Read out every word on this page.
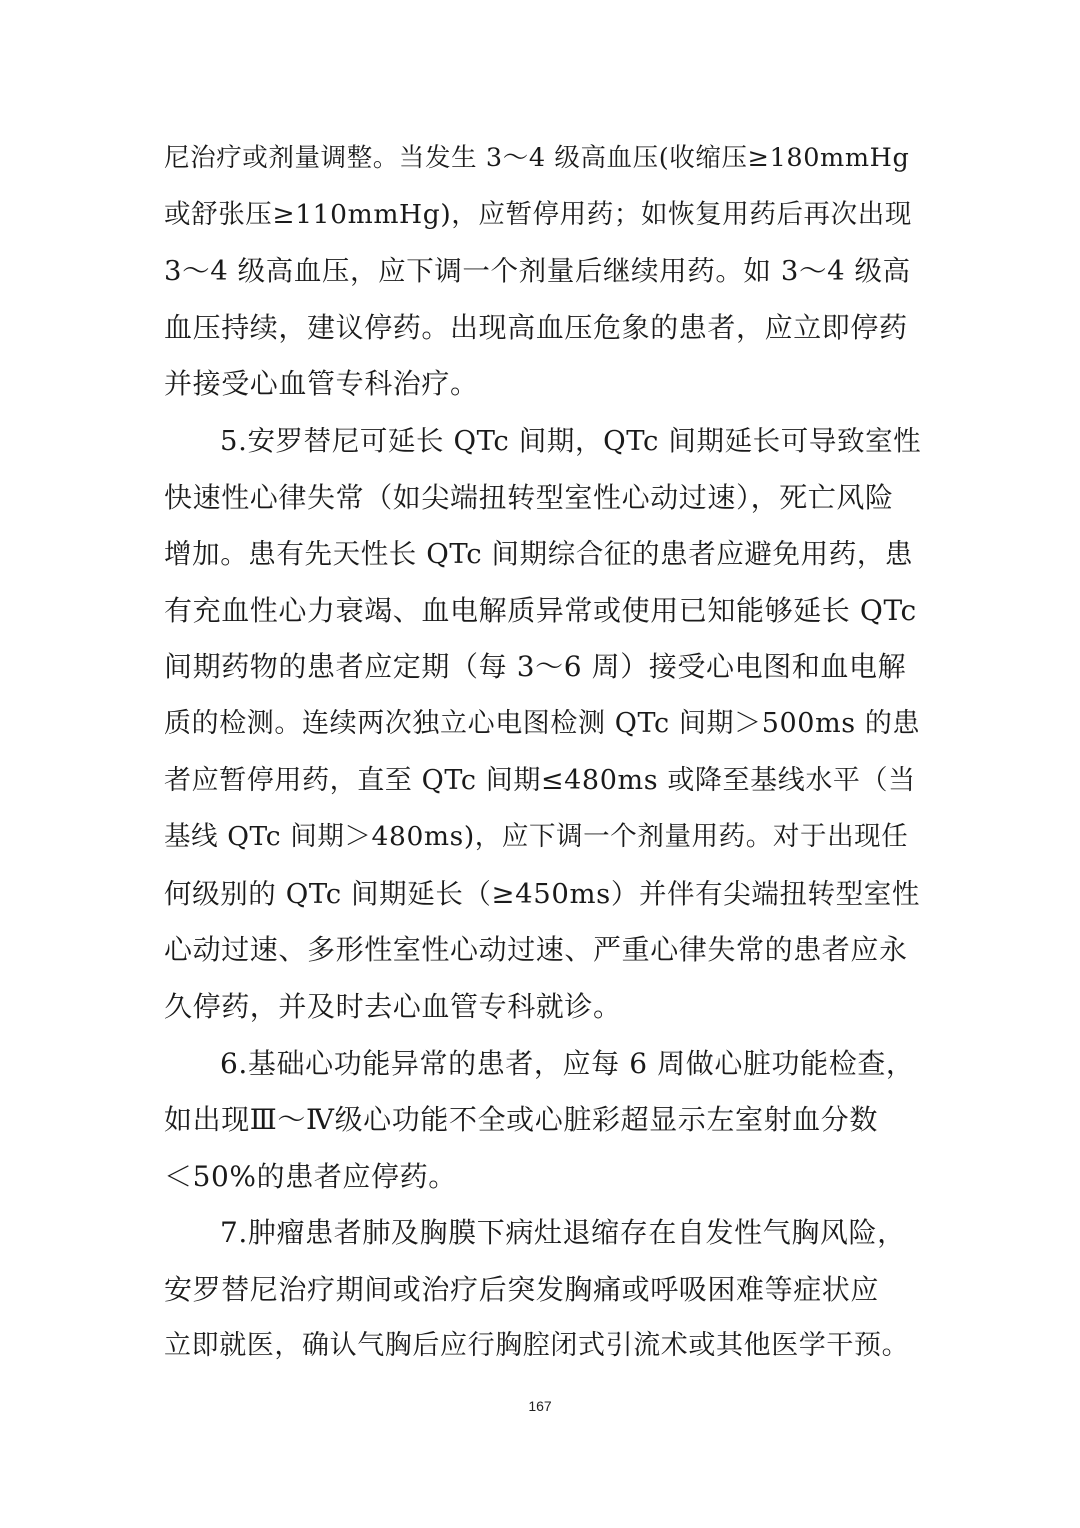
尼治疗或剂量调整。当发生 3～4 级高血压(收缩压≥180mmHg
或舒张压≥110mmHg)，应暂停用药；如恢复用药后再次出现
3～4 级高血压，应下调一个剂量后继续用药。如 3～4 级高
血压持续，建议停药。出现高血压危象的患者，应立即停药
并接受心血管专科治疗。
5.安罗替尼可延长 QTc 间期，QTc 间期延长可导致室性
快速性心律失常（如尖端扭转型室性心动过速），死亡风险
增加。患有先天性长 QTc 间期综合征的患者应避免用药，患
有充血性心力衰竭、血电解质异常或使用已知能够延长 QTc
间期药物的患者应定期（每 3～6 周）接受心电图和血电解
质的检测。连续两次独立心电图检测 QTc 间期＞500ms 的患
者应暂停用药，直至 QTc 间期≤480ms 或降至基线水平（当
基线 QTc 间期＞480ms)，应下调一个剂量用药。对于出现任
何级别的 QTc 间期延长（≥450ms）并伴有尖端扭转型室性
心动过速、多形性室性心动过速、严重心律失常的患者应永
久停药，并及时去心血管专科就诊。
6.基础心功能异常的患者，应每 6 周做心脏功能检查，
如出现Ⅲ～Ⅳ级心功能不全或心脏彩超显示左室射血分数
＜50%的患者应停药。
7.肿瘤患者肺及胸膜下病灶退缩存在自发性气胸风险，
安罗替尼治疗期间或治疗后突发胸痛或呼吸困难等症状应
立即就医，确认气胸后应行胸腔闭式引流术或其他医学干预。
167
